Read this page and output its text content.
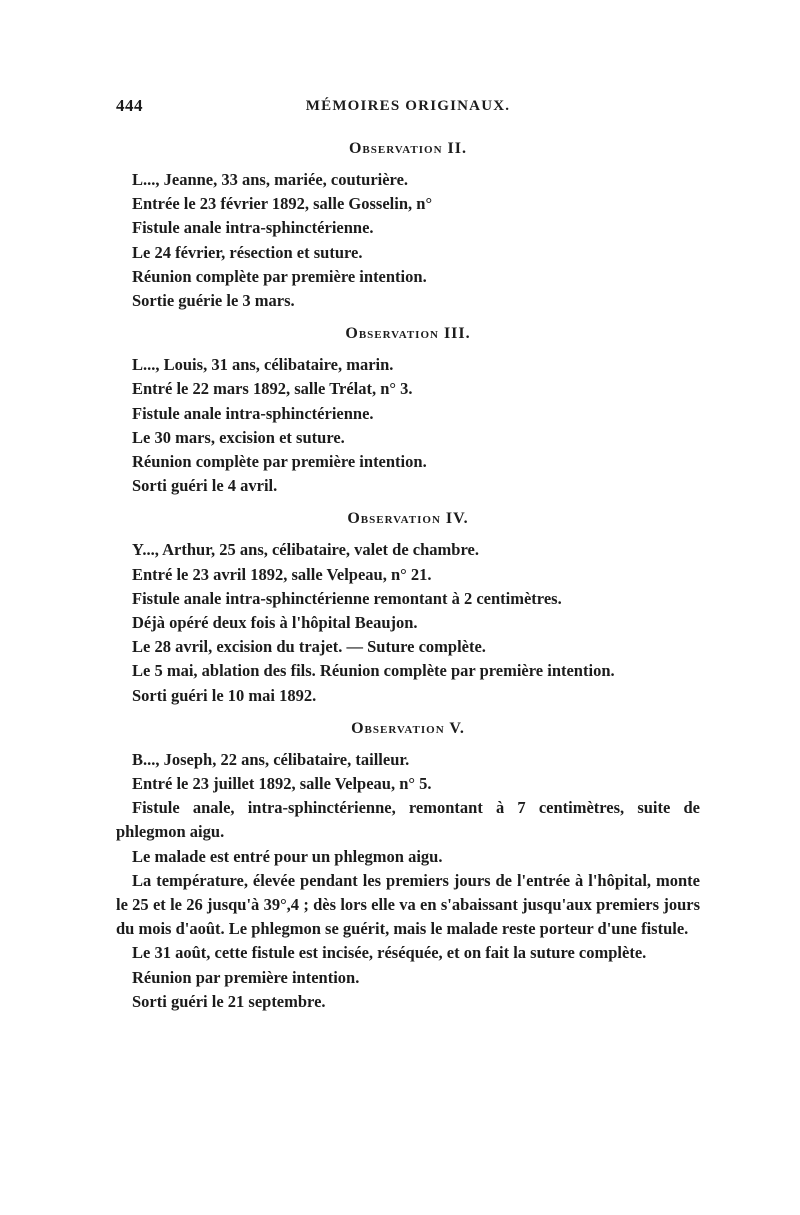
444	MÉMOIRES ORIGINAUX.
Observation II.

L..., Jeanne, 33 ans, mariée, couturière.

Entrée le 23 février 1892, salle Gosselin, n°

Fistule anale intra-sphinctérienne.

Le 24 février, résection et suture.

Réunion complète par première intention.

Sortie guérie le 3 mars.

Observation III.

L..., Louis, 31 ans, célibataire, marin.

Entré le 22 mars 1892, salle Trélat, n° 3.

Fistule anale intra-sphinctérienne.

Le 30 mars, excision et suture.

Réunion complète par première intention.

Sorti guéri le 4 avril.

Observation IV.

Y..., Arthur, 25 ans, célibataire, valet de chambre.

Entré le 23 avril 1892, salle Velpeau, n° 21.

Fistule anale intra-sphinctérienne remontant à 2 centimètres.

Déjà opéré deux fois à l'hôpital Beaujon.

Le 28 avril, excision du trajet. — Suture complète.

Le 5 mai, ablation des fils. Réunion complète par première intention.

Sorti guéri le 10 mai 1892.

Observation V.

B..., Joseph, 22 ans, célibataire, tailleur.

Entré le 23 juillet 1892, salle Velpeau, n° 5.

Fistule anale, intra-sphinctérienne, remontant à 7 centimètres, suite de phlegmon aigu.

Le malade est entré pour un phlegmon aigu.

La température, élevée pendant les premiers jours de l'entrée à l'hôpital, monte le 25 et le 26 jusqu'à 39°,4 ; dès lors elle va en s'abaissant jusqu'aux premiers jours du mois d'août. Le phlegmon se guérit, mais le malade reste porteur d'une fistule.

Le 31 août, cette fistule est incisée, réséquée, et on fait la suture complète.

Réunion par première intention.

Sorti guéri le 21 septembre.
